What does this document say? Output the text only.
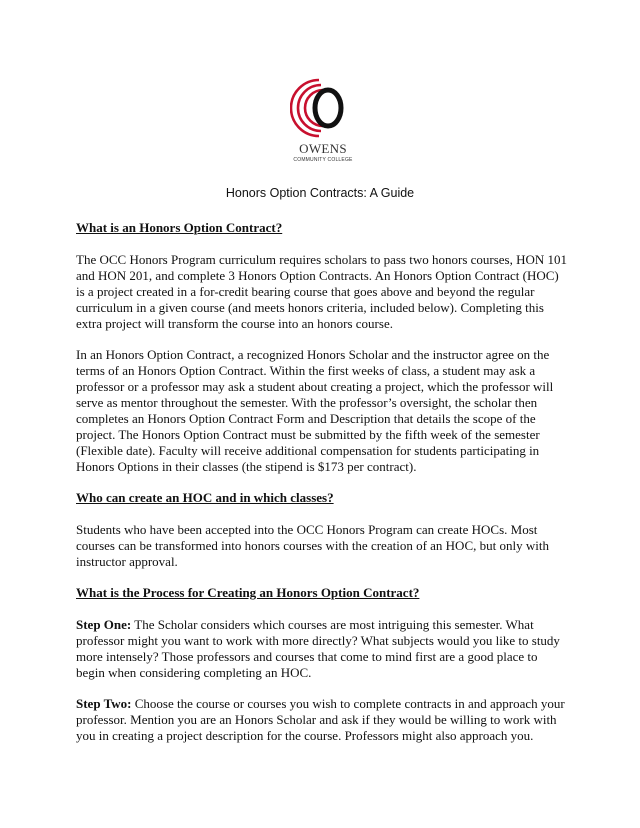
OWENS
COMMUNITY COLLEGE
Honors Option Contracts: A Guide
What is an Honors Option Contract?

The OCC Honors Program curriculum requires scholars to pass two honors courses, HON 101 and HON 201, and complete 3 Honors Option Contracts. An Honors Option Contract (HOC) is a project created in a for-credit bearing course that goes above and beyond the regular curriculum in a given course (and meets honors criteria, included below). Completing this extra project will transform the course into an honors course.

In an Honors Option Contract, a recognized Honors Scholar and the instructor agree on the terms of an Honors Option Contract. Within the first weeks of class, a student may ask a professor or a professor may ask a student about creating a project, which the professor will serve as mentor throughout the semester. With the professor’s oversight, the scholar then completes an Honors Option Contract Form and Description that details the scope of the project. The Honors Option Contract must be submitted by the fifth week of the semester (Flexible date). Faculty will receive additional compensation for students participating in Honors Options in their classes (the stipend is $173 per contract).

Who can create an HOC and in which classes?

Students who have been accepted into the OCC Honors Program can create HOCs. Most courses can be transformed into honors courses with the creation of an HOC, but only with instructor approval.

What is the Process for Creating an Honors Option Contract?

Step One: The Scholar considers which courses are most intriguing this semester. What professor might you want to work with more directly? What subjects would you like to study more intensely? Those professors and courses that come to mind first are a good place to begin when considering completing an HOC.

Step Two: Choose the course or courses you wish to complete contracts in and approach your professor. Mention you are an Honors Scholar and ask if they would be willing to work with you in creating a project description for the course. Professors might also approach you.
